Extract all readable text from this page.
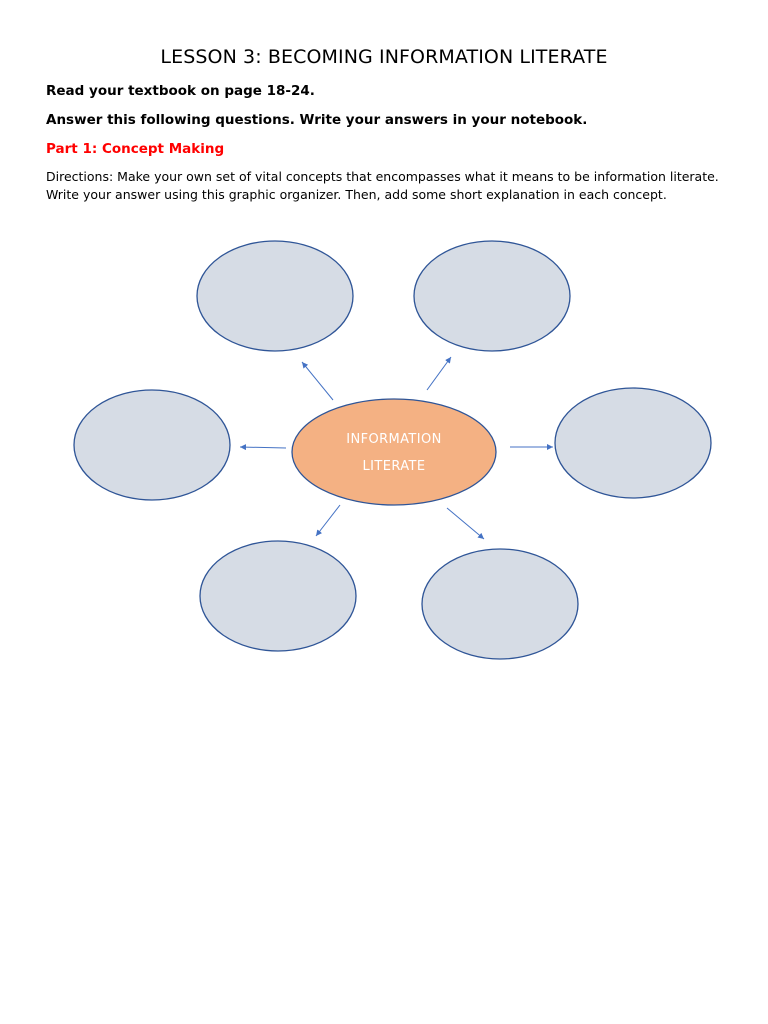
LESSON 3: BECOMING INFORMATION LITERATE

Read your textbook on page 18-24.

Answer this following questions. Write your answers in your notebook.

Part 1: Concept Making

Directions: Make your own set of vital concepts that encompasses what it means to be information literate. Write your answer using this graphic organizer. Then, add some short explanation in each concept.
INFORMATION
LITERATE
